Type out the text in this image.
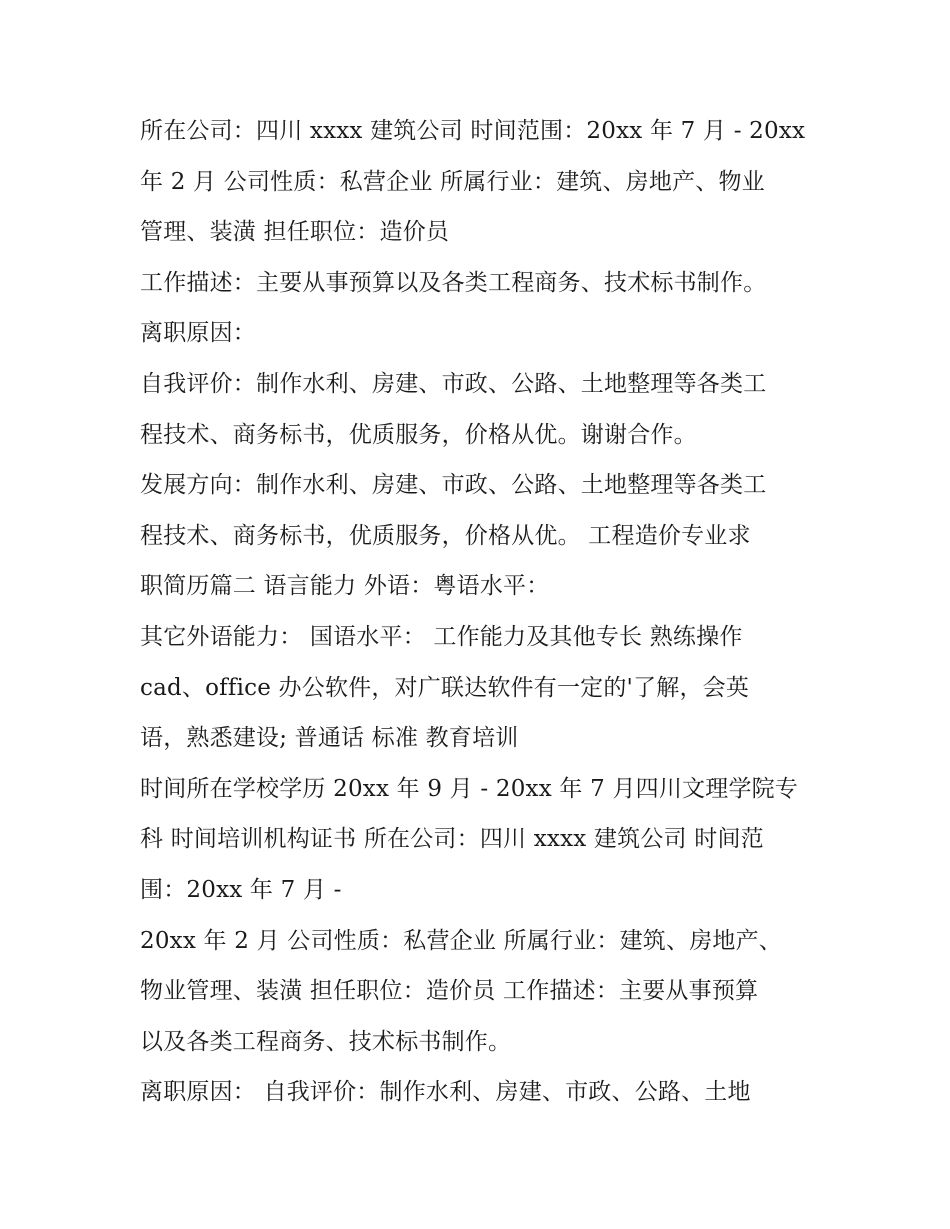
所在公司：四川 xxxx 建筑公司 时间范围：20xx 年 7 月 - 20xx
年 2 月 公司性质：私营企业 所属行业：建筑、房地产、物业
管理、装潢 担任职位：造价员
工作描述：主要从事预算以及各类工程商务、技术标书制作。
离职原因：
自我评价：制作水利、房建、市政、公路、土地整理等各类工
程技术、商务标书，优质服务，价格从优。谢谢合作。
发展方向：制作水利、房建、市政、公路、土地整理等各类工
程技术、商务标书，优质服务，价格从优。 工程造价专业求
职简历篇二 语言能力 外语：粤语水平：
其它外语能力： 国语水平： 工作能力及其他专长 熟练操作
cad、office 办公软件，对广联达软件有一定的'了解，会英
语，熟悉建设; 普通话 标准 教育培训
时间所在学校学历 20xx 年 9 月 - 20xx 年 7 月四川文理学院专
科 时间培训机构证书 所在公司：四川 xxxx 建筑公司 时间范
围：20xx 年 7 月 -
20xx 年 2 月 公司性质：私营企业 所属行业：建筑、房地产、
物业管理、装潢 担任职位：造价员 工作描述：主要从事预算
以及各类工程商务、技术标书制作。
离职原因： 自我评价：制作水利、房建、市政、公路、土地
